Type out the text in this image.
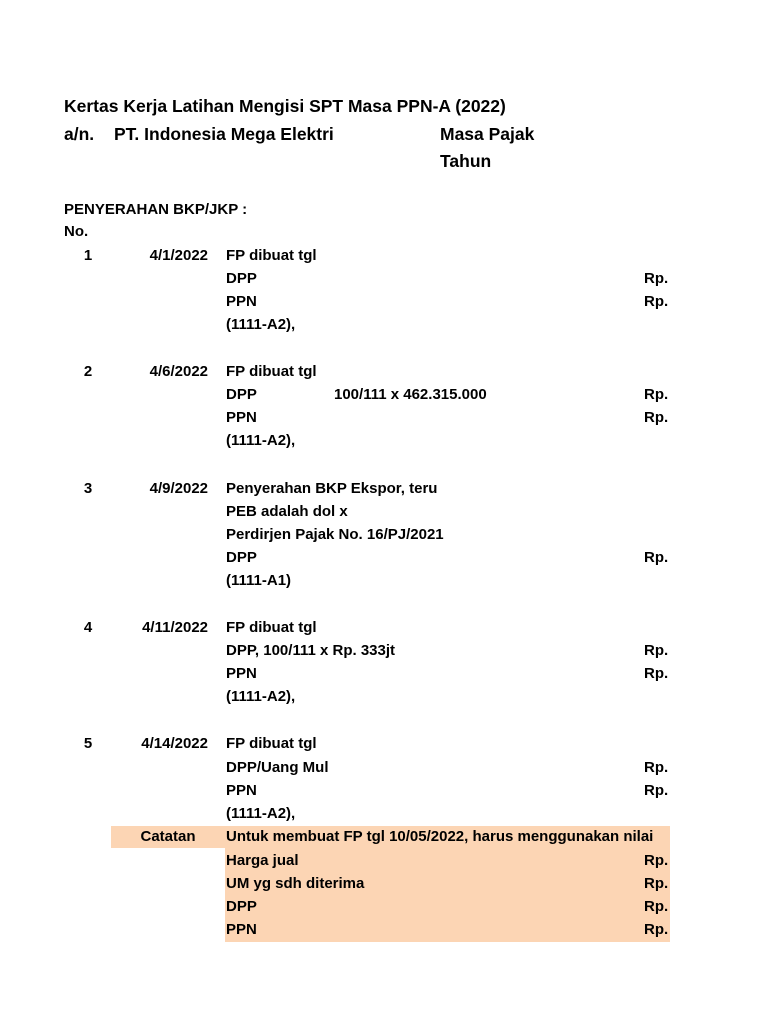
Kertas Kerja Latihan Mengisi SPT Masa PPN-A (2022)
a/n. PT. Indonesia Mega Elektri	Masa Pajak
Tahun
PENYERAHAN BKP/JKP :
No.
1	4/1/2022 FP dibuat tgl
DPP	Rp.
PPN	Rp.
(1111-A2),
2	4/6/2022 FP dibuat tgl
DPP	100/111 x 462.315.000	Rp.
PPN	Rp.
(1111-A2),
3	4/9/2022 Penyerahan BKP Ekspor, teru
PEB adalah dol x
Perdirjen Pajak No. 16/PJ/2021
DPP	Rp.
(1111-A1)
4	4/11/2022 FP dibuat tgl
DPP, 100/111 x Rp. 333jt	Rp.
PPN	Rp.
(1111-A2),
5	4/14/2022 FP dibuat tgl
DPP/Uang Mul	Rp.
PPN	Rp.
(1111-A2),
Catatan	Untuk membuat FP tgl 10/05/2022, harus menggunakan nilai
Harga jual	Rp.
UM yg sdh diterima	Rp.
DPP	Rp.
PPN	Rp.
